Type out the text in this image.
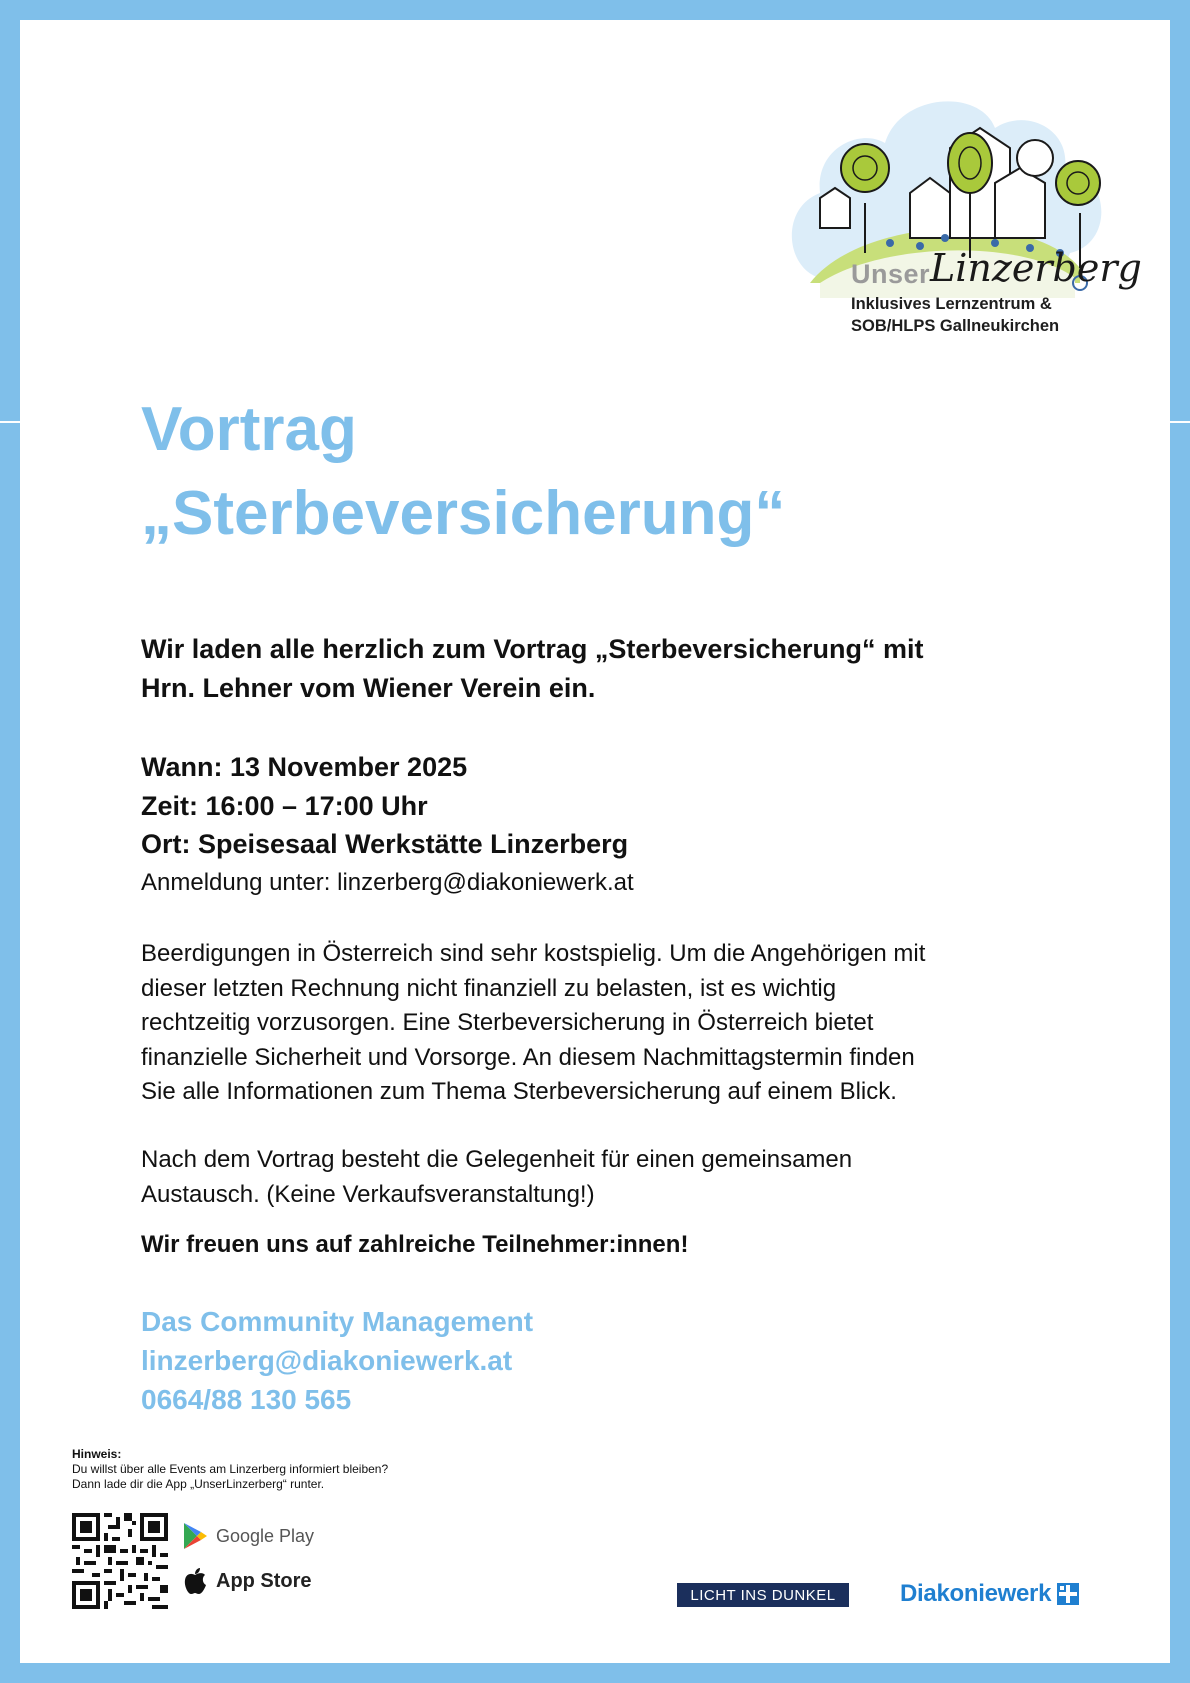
Unser Linzerberg
Inklusives Lernzentrum &
SOB/HLPS Gallneukirchen
Vortrag
„Sterbeversicherung“
Wir laden alle herzlich zum Vortrag „Sterbeversicherung“ mit
Hrn. Lehner vom Wiener Verein ein.
Wann: 13 November 2025
Zeit: 16:00 – 17:00 Uhr
Ort: Speisesaal Werkstätte Linzerberg
Anmeldung unter: linzerberg@diakoniewerk.at
Beerdigungen in Österreich sind sehr kostspielig. Um die Angehörigen mit
dieser letzten Rechnung nicht finanziell zu belasten, ist es wichtig
rechtzeitig vorzusorgen. Eine Sterbeversicherung in Österreich bietet
finanzielle Sicherheit und Vorsorge. An diesem Nachmittagstermin finden
Sie alle Informationen zum Thema Sterbeversicherung auf einem Blick.
Nach dem Vortrag besteht die Gelegenheit für einen gemeinsamen
Austausch. (Keine Verkaufsveranstaltung!)
Wir freuen uns auf zahlreiche Teilnehmer:innen!
Das Community Management
linzerberg@diakoniewerk.at
0664/88 130 565
Hinweis:
Du willst über alle Events am Linzerberg informiert bleiben?
Dann lade dir die App „UnserLinzerberg“ runter.
Google Play
App Store
LICHT INS DUNKEL	Diakoniewerk
